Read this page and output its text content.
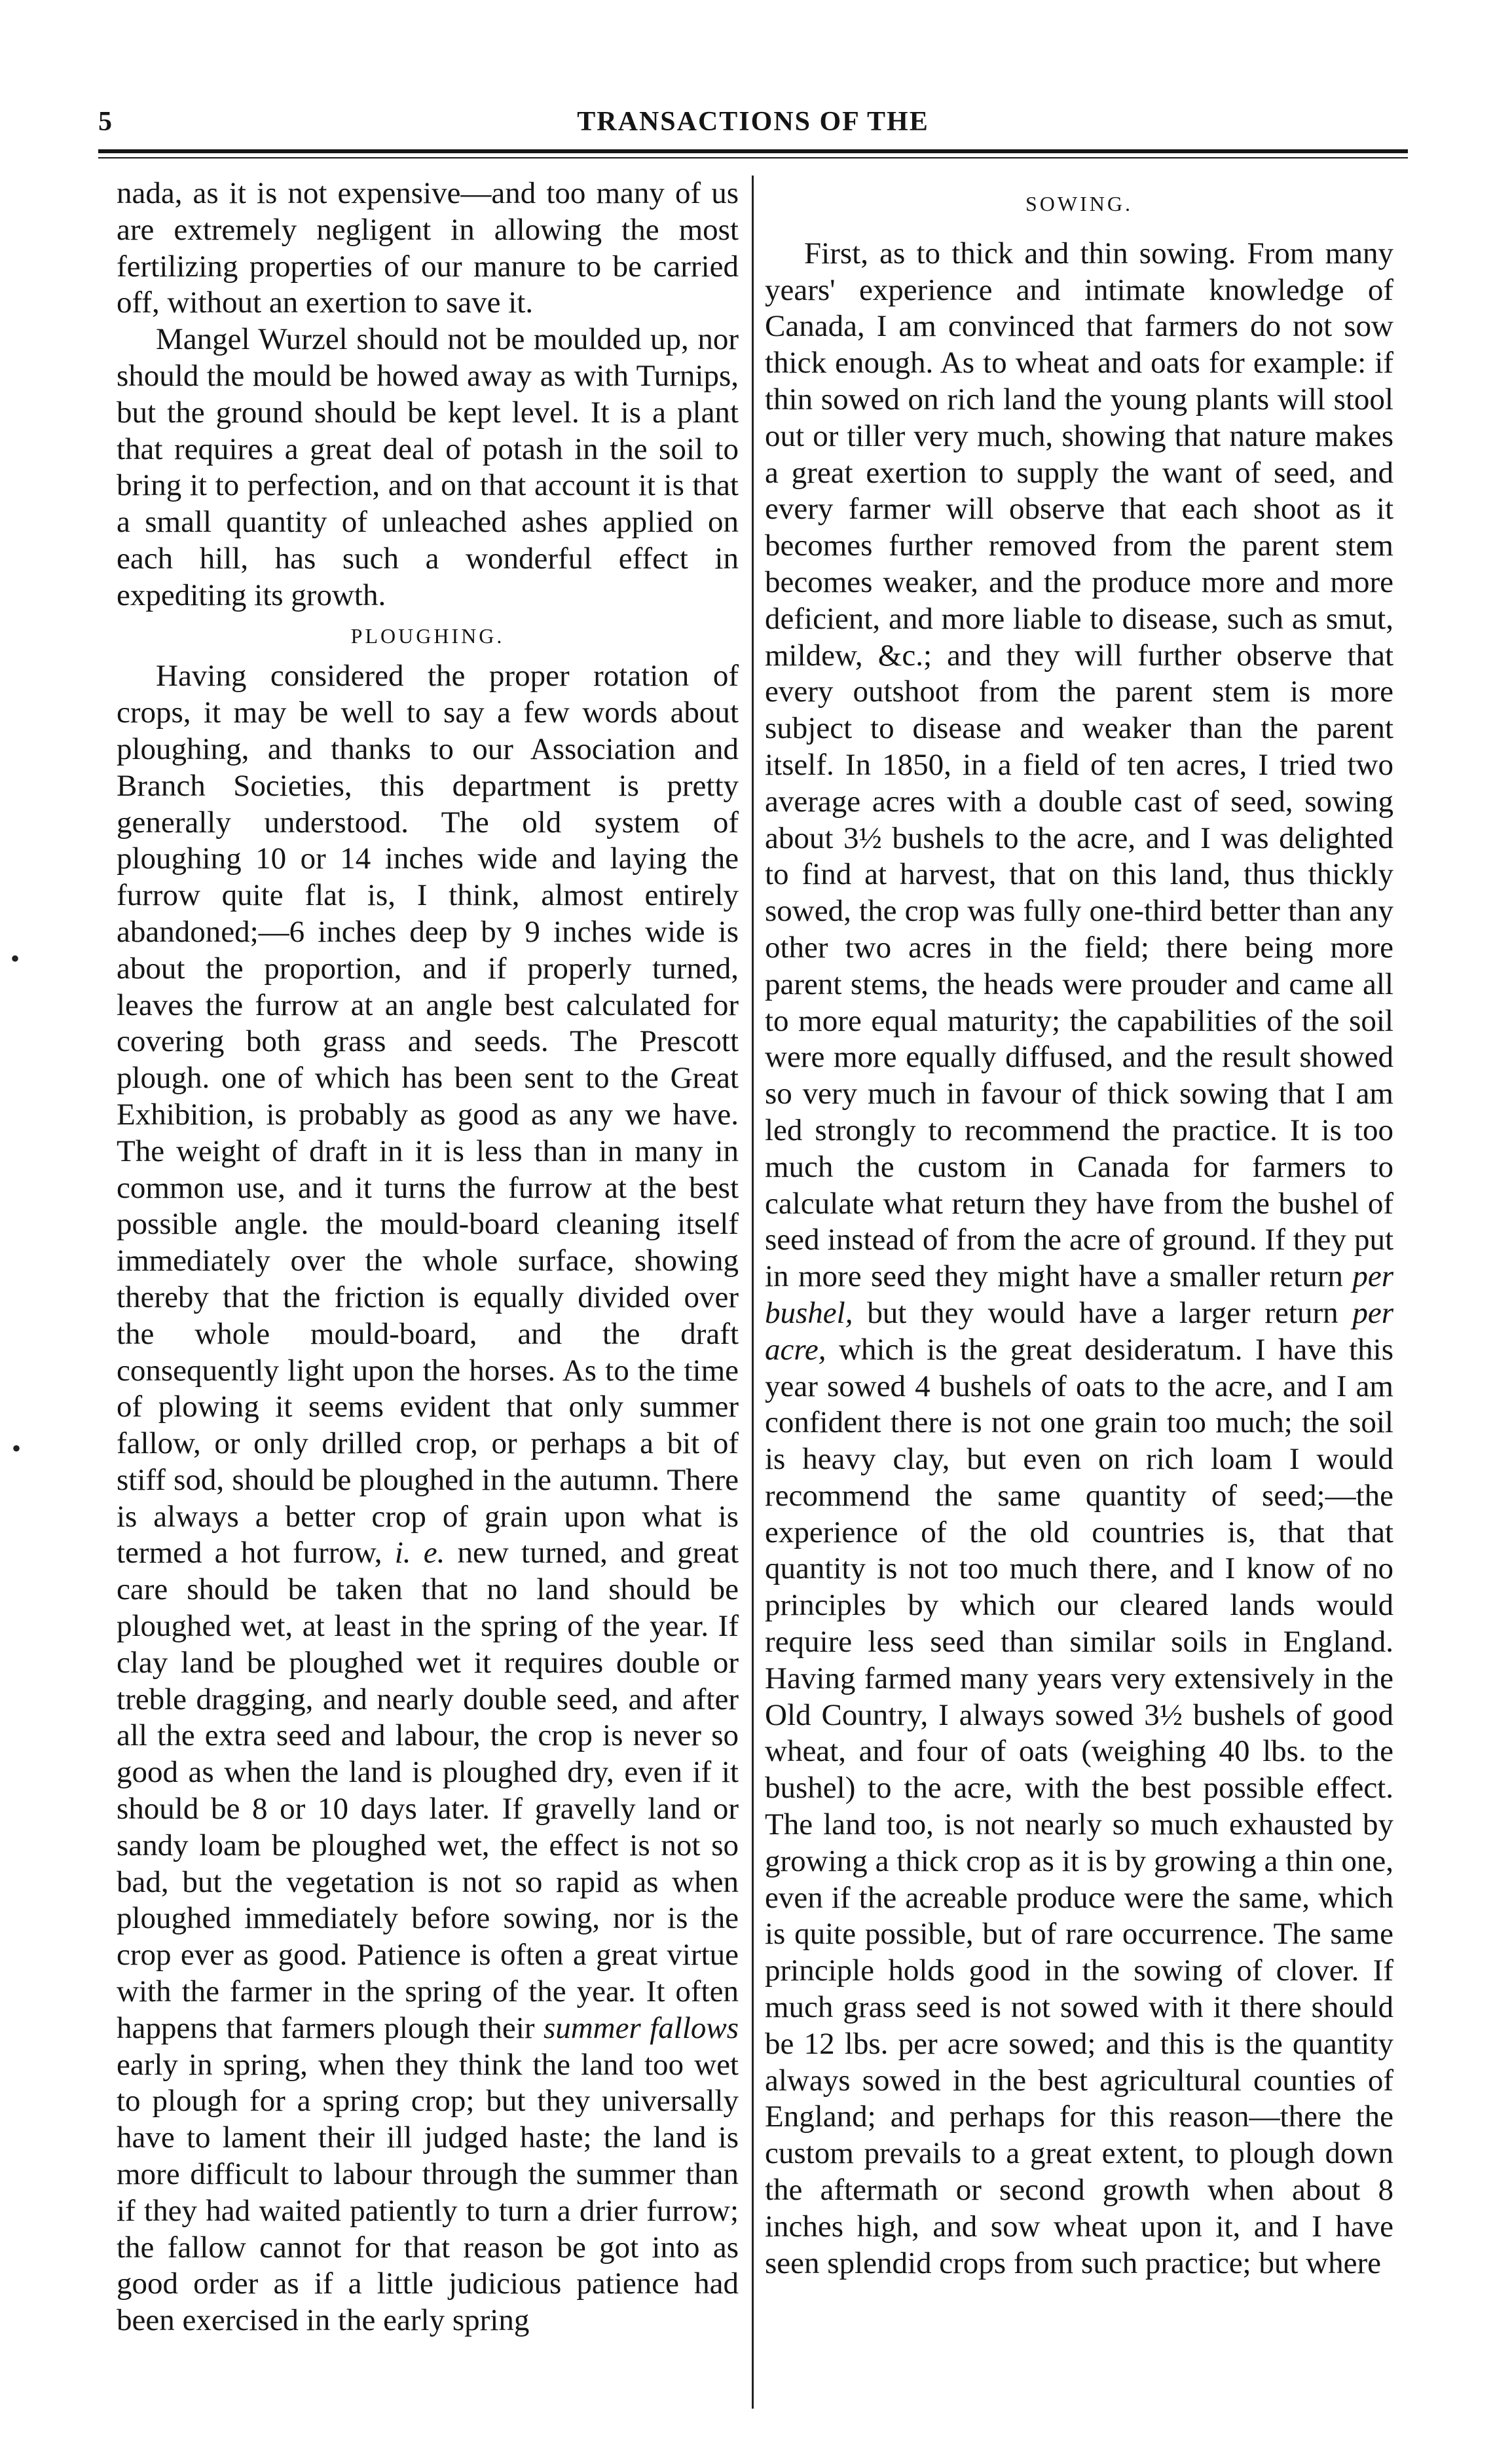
5	TRANSACTIONS OF THE

nada, as it is not expensive—and too many of us are extremely negligent in allowing the most fertilizing properties of our manure to be carried off, without an exertion to save it.

Mangel Wurzel should not be moulded up, nor should the mould be howed away as with Turnips, but the ground should be kept level. It is a plant that requires a great deal of potash in the soil to bring it to perfection, and on that account it is that a small quantity of unleached ashes applied on each hill, has such a wonderful effect in expediting its growth.

PLOUGHING.

Having considered the proper rotation of crops, it may be well to say a few words about ploughing, and thanks to our Association and Branch Societies, this department is pretty generally understood. The old system of ploughing 10 or 14 inches wide and laying the furrow quite flat is, I think, almost entirely abandoned;—6 inches deep by 9 inches wide is about the proportion, and if properly turned, leaves the furrow at an angle best calculated for covering both grass and seeds. The Prescott plough. one of which has been sent to the Great Exhibition, is probably as good as any we have. The weight of draft in it is less than in many in common use, and it turns the furrow at the best possible angle. the mould-board cleaning itself immediately over the whole surface, showing thereby that the friction is equally divided over the whole mould-board, and the draft consequently light upon the horses. As to the time of plowing it seems evident that only summer fallow, or only drilled crop, or perhaps a bit of stiff sod, should be ploughed in the autumn. There is always a better crop of grain upon what is termed a hot furrow, i. e. new turned, and great care should be taken that no land should be ploughed wet, at least in the spring of the year. If clay land be ploughed wet it requires double or treble dragging, and nearly double seed, and after all the extra seed and labour, the crop is never so good as when the land is ploughed dry, even if it should be 8 or 10 days later. If gravelly land or sandy loam be ploughed wet, the effect is not so bad, but the vegetation is not so rapid as when ploughed immediately before sowing, nor is the crop ever as good. Patience is often a great virtue with the farmer in the spring of the year. It often happens that farmers plough their summer fallows early in spring, when they think the land too wet to plough for a spring crop; but they universally have to lament their ill judged haste; the land is more difficult to labour through the summer than if they had waited patiently to turn a drier furrow; the fallow cannot for that reason be got into as good order as if a little judicious patience had been exercised in the early spring

SOWING.

First, as to thick and thin sowing. From many years' experience and intimate knowledge of Canada, I am convinced that farmers do not sow thick enough. As to wheat and oats for example: if thin sowed on rich land the young plants will stool out or tiller very much, showing that nature makes a great exertion to supply the want of seed, and every farmer will observe that each shoot as it becomes further removed from the parent stem becomes weaker, and the produce more and more deficient, and more liable to disease, such as smut, mildew, &c.; and they will further observe that every outshoot from the parent stem is more subject to disease and weaker than the parent itself. In 1850, in a field of ten acres, I tried two average acres with a double cast of seed, sowing about 3½ bushels to the acre, and I was delighted to find at harvest, that on this land, thus thickly sowed, the crop was fully one-third better than any other two acres in the field; there being more parent stems, the heads were prouder and came all to more equal maturity; the capabilities of the soil were more equally diffused, and the result showed so very much in favour of thick sowing that I am led strongly to recommend the practice. It is too much the custom in Canada for farmers to calculate what return they have from the bushel of seed instead of from the acre of ground. If they put in more seed they might have a smaller return per bushel, but they would have a larger return per acre, which is the great desideratum. I have this year sowed 4 bushels of oats to the acre, and I am confident there is not one grain too much; the soil is heavy clay, but even on rich loam I would recommend the same quantity of seed;—the experience of the old countries is, that that quantity is not too much there, and I know of no principles by which our cleared lands would require less seed than similar soils in England. Having farmed many years very extensively in the Old Country, I always sowed 3½ bushels of good wheat, and four of oats (weighing 40 lbs. to the bushel) to the acre, with the best possible effect. The land too, is not nearly so much exhausted by growing a thick crop as it is by growing a thin one, even if the acreable produce were the same, which is quite possible, but of rare occurrence. The same principle holds good in the sowing of clover. If much grass seed is not sowed with it there should be 12 lbs. per acre sowed; and this is the quantity always sowed in the best agricultural counties of England; and perhaps for this reason—there the custom prevails to a great extent, to plough down the aftermath or second growth when about 8 inches high, and sow wheat upon it, and I have seen splendid crops from such practice; but where

•
•
